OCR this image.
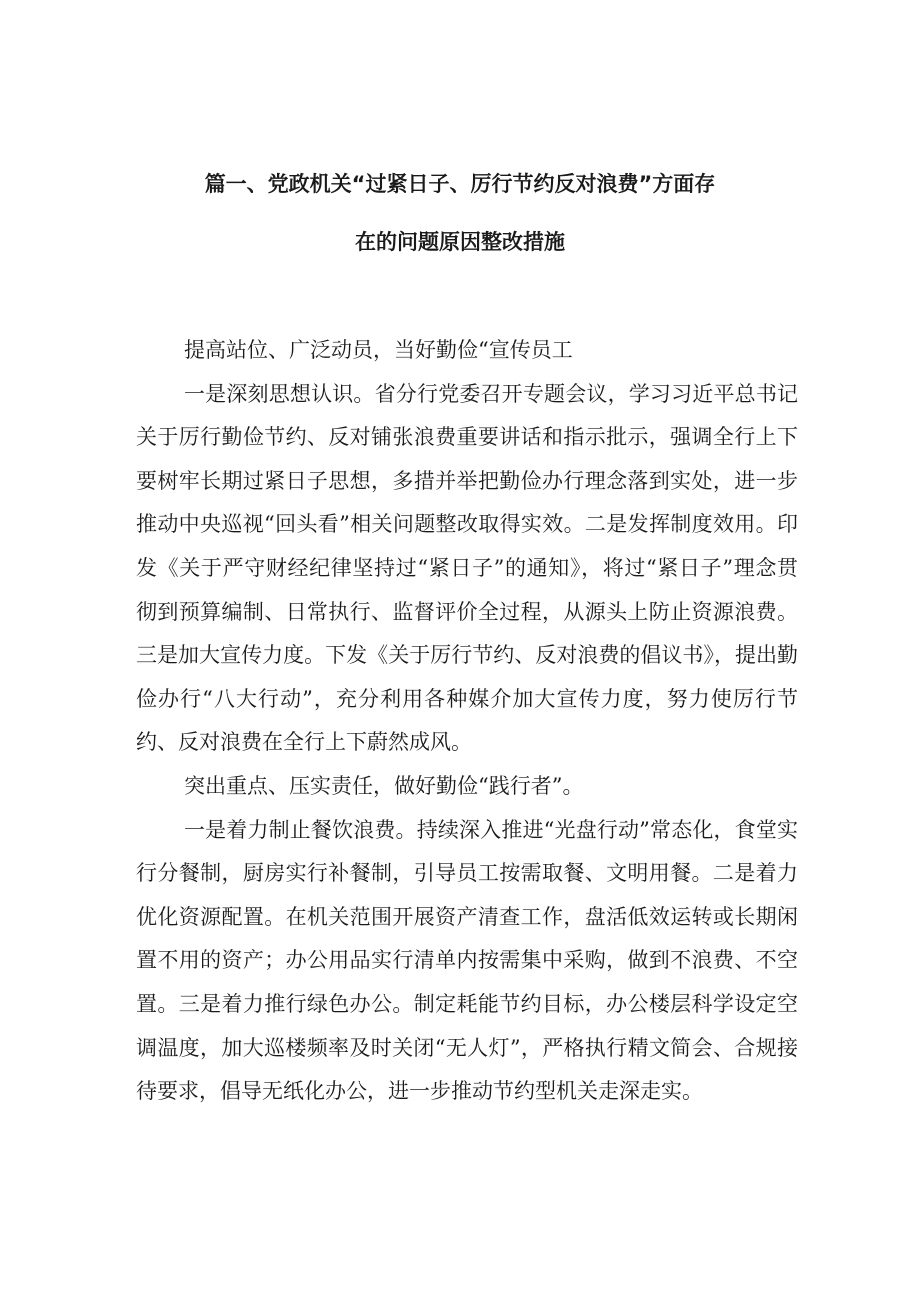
篇一、党政机关“过紧日子、厉行节约反对浪费”方面存
在的问题原因整改措施

提高站位、广泛动员，当好勤俭“宣传员工

一是深刻思想认识。省分行党委召开专题会议，学习习近平总书记关于厉行勤俭节约、反对铺张浪费重要讲话和指示批示，强调全行上下要树牢长期过紧日子思想，多措并举把勤俭办行理念落到实处，进一步推动中央巡视“回头看”相关问题整改取得实效。二是发挥制度效用。印发《关于严守财经纪律坚持过“紧日子”的通知》，将过“紧日子”理念贯彻到预算编制、日常执行、监督评价全过程，从源头上防止资源浪费。三是加大宣传力度。下发《关于厉行节约、反对浪费的倡议书》，提出勤俭办行“八大行动”，充分利用各种媒介加大宣传力度，努力使厉行节约、反对浪费在全行上下蔚然成风。

突出重点、压实责任，做好勤俭“践行者”。

一是着力制止餐饮浪费。持续深入推进“光盘行动”常态化，食堂实行分餐制，厨房实行补餐制，引导员工按需取餐、文明用餐。二是着力优化资源配置。在机关范围开展资产清查工作，盘活低效运转或长期闲置不用的资产；办公用品实行清单内按需集中采购，做到不浪费、不空置。三是着力推行绿色办公。制定耗能节约目标，办公楼层科学设定空调温度，加大巡楼频率及时关闭“无人灯”，严格执行精文简会、合规接待要求，倡导无纸化办公，进一步推动节约型机关走深走实。
